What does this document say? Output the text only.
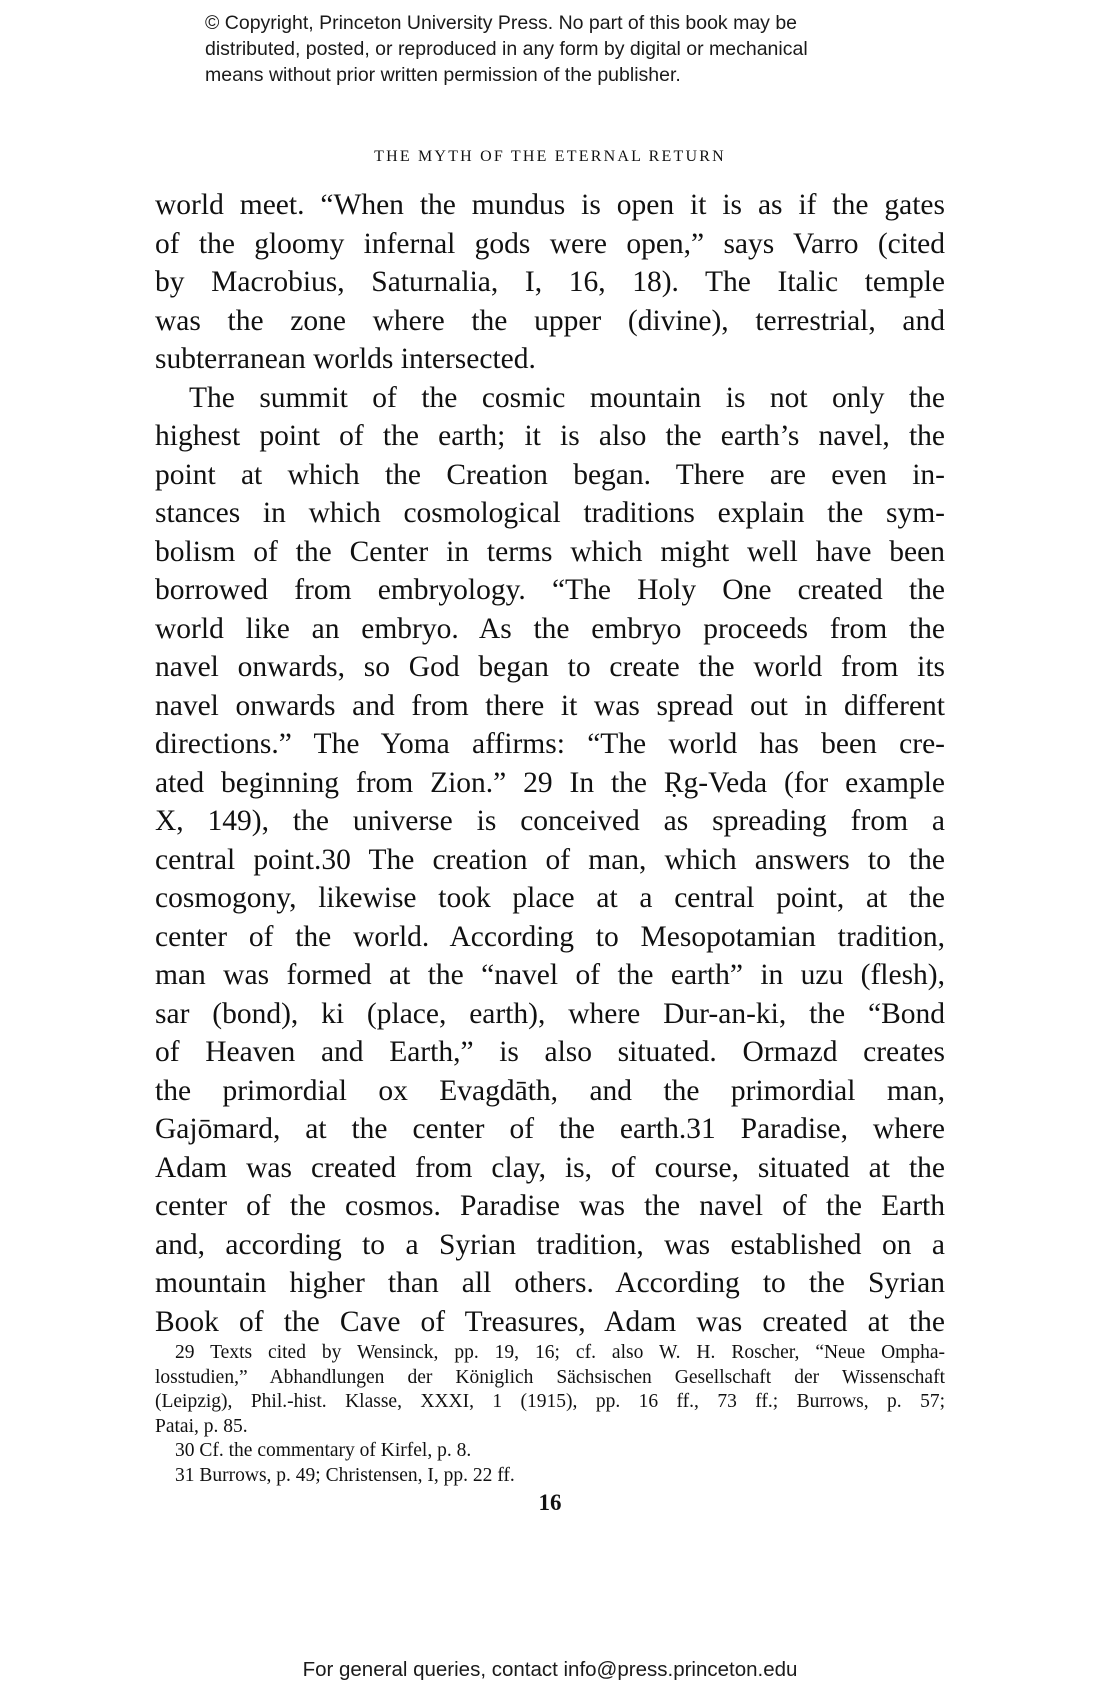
© Copyright, Princeton University Press. No part of this book may be
distributed, posted, or reproduced in any form by digital or mechanical
means without prior written permission of the publisher.
THE MYTH OF THE ETERNAL RETURN
world meet. “When the mundus is open it is as if the gates
of the gloomy infernal gods were open,” says Varro (cited
by Macrobius, Saturnalia, I, 16, 18). The Italic temple
was the zone where the upper (divine), terrestrial, and
subterranean worlds intersected.
The summit of the cosmic mountain is not only the
highest point of the earth; it is also the earth’s navel, the
point at which the Creation began. There are even in-
stances in which cosmological traditions explain the sym-
bolism of the Center in terms which might well have been
borrowed from embryology. “The Holy One created the
world like an embryo. As the embryo proceeds from the
navel onwards, so God began to create the world from its
navel onwards and from there it was spread out in different
directions.” The Yoma affirms: “The world has been cre-
ated beginning from Zion.” 29 In the Ṛg-Veda (for example
X, 149), the universe is conceived as spreading from a
central point.30 The creation of man, which answers to the
cosmogony, likewise took place at a central point, at the
center of the world. According to Mesopotamian tradition,
man was formed at the “navel of the earth” in uzu (flesh),
sar (bond), ki (place, earth), where Dur-an-ki, the “Bond
of Heaven and Earth,” is also situated. Ormazd creates
the primordial ox Evagdāth, and the primordial man,
Gajōmard, at the center of the earth.31 Paradise, where
Adam was created from clay, is, of course, situated at the
center of the cosmos. Paradise was the navel of the Earth
and, according to a Syrian tradition, was established on a
mountain higher than all others. According to the Syrian
Book of the Cave of Treasures, Adam was created at the
29 Texts cited by Wensinck, pp. 19, 16; cf. also W. H. Roscher, “Neue Ompha-
losstudien,” Abhandlungen der Königlich Sächsischen Gesellschaft der Wissenschaft
(Leipzig), Phil.-hist. Klasse, XXXI, 1 (1915), pp. 16 ff., 73 ff.; Burrows, p. 57;
Patai, p. 85.
30 Cf. the commentary of Kirfel, p. 8.
31 Burrows, p. 49; Christensen, I, pp. 22 ff.
16
For general queries, contact info@press.princeton.edu
